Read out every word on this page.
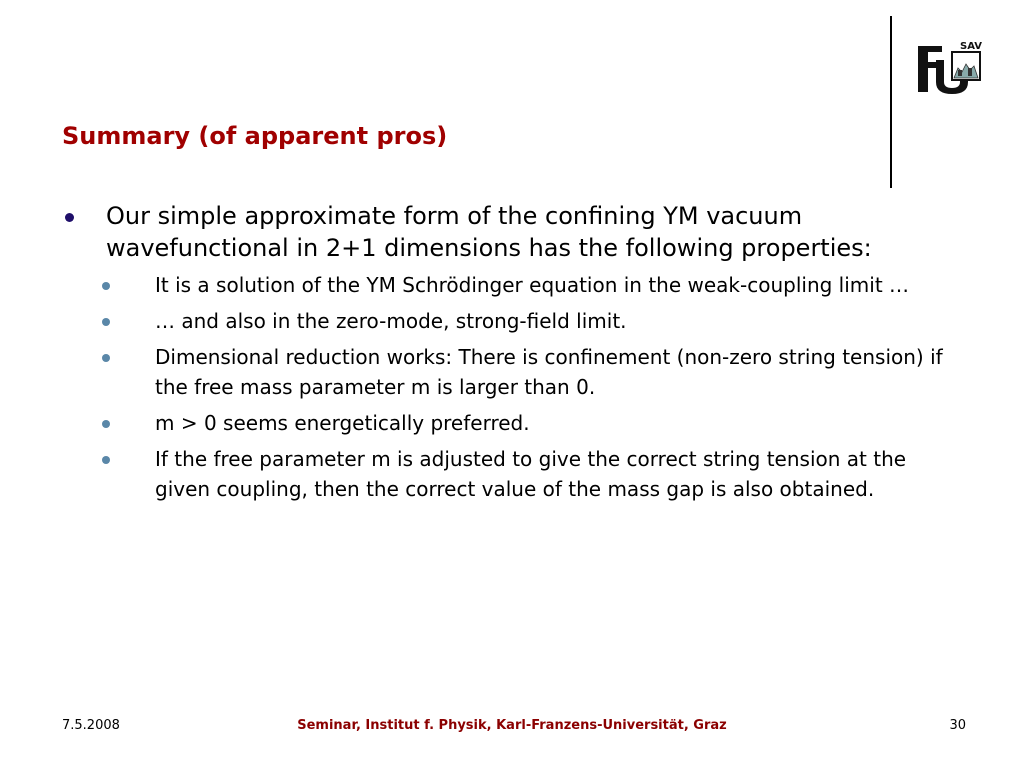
SAV
Summary (of apparent pros)
Our simple approximate form of the confining YM vacuum wavefunctional in 2+1 dimensions has the following properties:
It is a solution of the YM Schrödinger equation in the weak-coupling limit …
… and also in the zero-mode, strong-field limit.
Dimensional reduction works: There is confinement (non-zero string tension) if the free mass parameter m is larger than 0.
m > 0 seems energetically preferred.
If the free parameter m is adjusted to give the correct string tension at the given coupling, then the correct value of the mass gap is also obtained.
7.5.2008	Seminar, Institut f. Physik, Karl-Franzens-Universität, Graz	30
